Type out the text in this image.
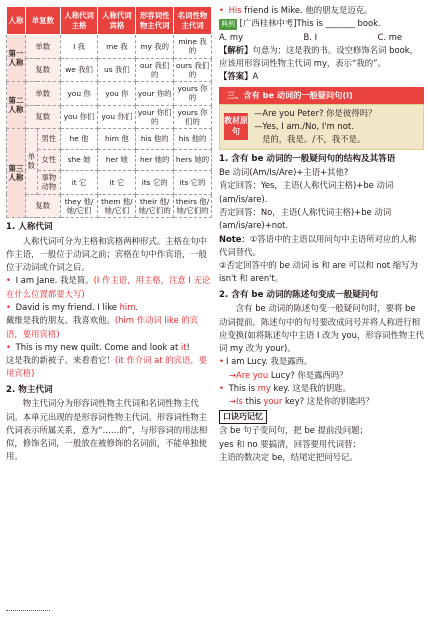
人称	单复数		人称代词主格	人称代词宾格	形容词性物主代词	名词性物主代词
第一人称	单数		I 我	me 我	my 我的	mine 我的
	复数		we 我们	us 我们	our 我们的	ours 我们的
第二人称	单数		you 你	you 你	your 你的	yours 你的
	复数		you 你们	you 你们	your 你们的	yours 你们的
第三人称	单数	男性	he 他	him 他	his 他的	his 他的
		女性	she 她	her 她	her 她的	hers 她的
		事物动物	it 它	it 它	its 它的	its 它的
	复数		they 他/她/它们	them 他/她/它们	their 他/她/它们的	theirs 他/她/它们的
1. 人称代词

人称代词可分为主格和宾格两种形式。主格在句中作主语，一般位于动词之前；宾格在句中作宾语，一般位于动词或介词之后。

• I am Jane. 我是简。(I 作主语，用主格，注意 I 无论在什么位置都要大写)

• David is my friend. I like him.

戴维是我的朋友。我喜欢他。(him 作动词 like 的宾语，要用宾格)

• This is my new quilt. Come and look at it!

这是我的新被子。来看看它！(it 作介词 at 的宾语，要用宾格)

2. 物主代词

物主代词分为形容词性物主代词和名词性物主代词。本单元出现的是形容词性物主代词。形容词性物主代词表示所属关系，意为“……的”，与形容词的用法相似，修饰名词，一般放在被修饰的名词前，不能单独使用。

• His friend is Mike. 他的朋友是迈克。

典例 [广西桂林中考]This is _______ book.

A. my	B. I	C. me

【解析】句意为：这是我的书。设空修饰名词 book，应该用形容词性物主代词 my，表示“我的”。

【答案】A

三、含有 be 动词的一般疑问句(Ⅰ)
教材原句
—Are you Peter? 你是彼得吗？
—Yes, I am./No, I'm not.
是的，我是。/不，我不是。
1. 含有 be 动词的一般疑问句的结构及其答语

Be 动词(Am/Is/Are)+主语+其他?

肯定回答：Yes，主语(人称代词主格)+be 动词(am/is/are).

否定回答：No，主语(人称代词主格)+be 动词(am/is/are)+not.

Note：①答语中的主语以用问句中主语所对应的人称代词替代。

②否定回答中的 be 动词 is 和 are 可以和 not 缩写为 isn't 和 aren't。

2. 含有 be 动词的陈述句变成一般疑问句

含有 be 动词的陈述句变一般疑问句时，要将 be 动词提前，陈述句中的句号要改成问号并将人称进行相应变换(如将陈述句中主语 I 改为 you，形容词性物主代词 my 改为 your)。

• I am Lucy. 我是露西。

→Are you Lucy? 你是露西吗？

• This is my key. 这是我的钥匙。

→Is this your key? 这是你的钥匙吗？

口诀巧记忆

含 be 句子变问句，把 be 提前没问题；

yes 和 no 要搞清，回答要用代词替；

主语的数决定 be，结尾定把问号记。
